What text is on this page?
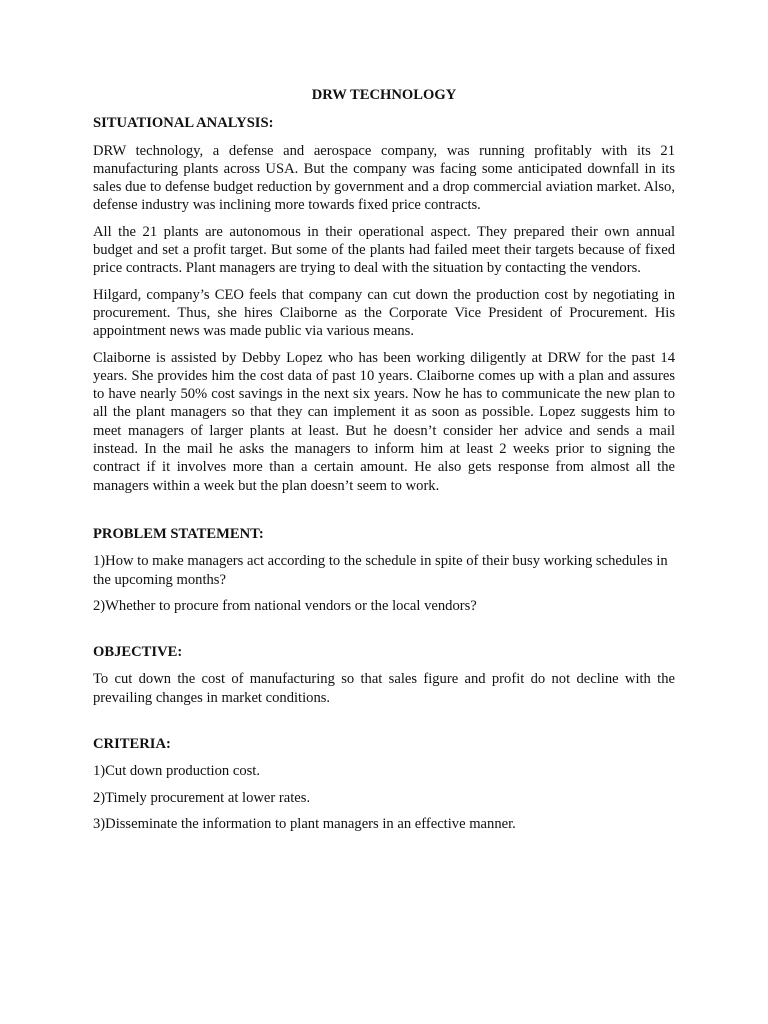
DRW TECHNOLOGY
SITUATIONAL ANALYSIS:

DRW technology, a defense and aerospace company, was running profitably with its 21 manufacturing plants across USA. But the company was facing some anticipated downfall in its sales due to defense budget reduction by government and a drop commercial aviation market. Also, defense industry was inclining more towards fixed price contracts.

All the 21 plants are autonomous in their operational aspect. They prepared their own annual budget and set a profit target. But some of the plants had failed meet their targets because of fixed price contracts. Plant managers are trying to deal with the situation by contacting the vendors.

Hilgard, company’s CEO feels that company can cut down the production cost by negotiating in procurement. Thus, she hires Claiborne as the Corporate Vice President of Procurement. His appointment news was made public via various means.

Claiborne is assisted by Debby Lopez who has been working diligently at DRW for the past 14 years. She provides him the cost data of past 10 years. Claiborne comes up with a plan and assures to have nearly 50% cost savings in the next six years. Now he has to communicate the new plan to all the plant managers so that they can implement it as soon as possible. Lopez suggests him to meet managers of larger plants at least. But he doesn’t consider her advice and sends a mail instead. In the mail he asks the managers to inform him at least 2 weeks prior to signing the contract if it involves more than a certain amount. He also gets response from almost all the managers within a week but the plan doesn’t seem to work.

PROBLEM STATEMENT:

1)How to make managers act according to the schedule in spite of their busy working schedules in the upcoming months?

2)Whether to procure from national vendors or the local vendors?

OBJECTIVE:

To cut down the cost of manufacturing so that sales figure and profit do not decline with the prevailing changes in market conditions.

CRITERIA:

1)Cut down production cost.

2)Timely procurement at lower rates.

3)Disseminate the information to plant managers in an effective manner.
